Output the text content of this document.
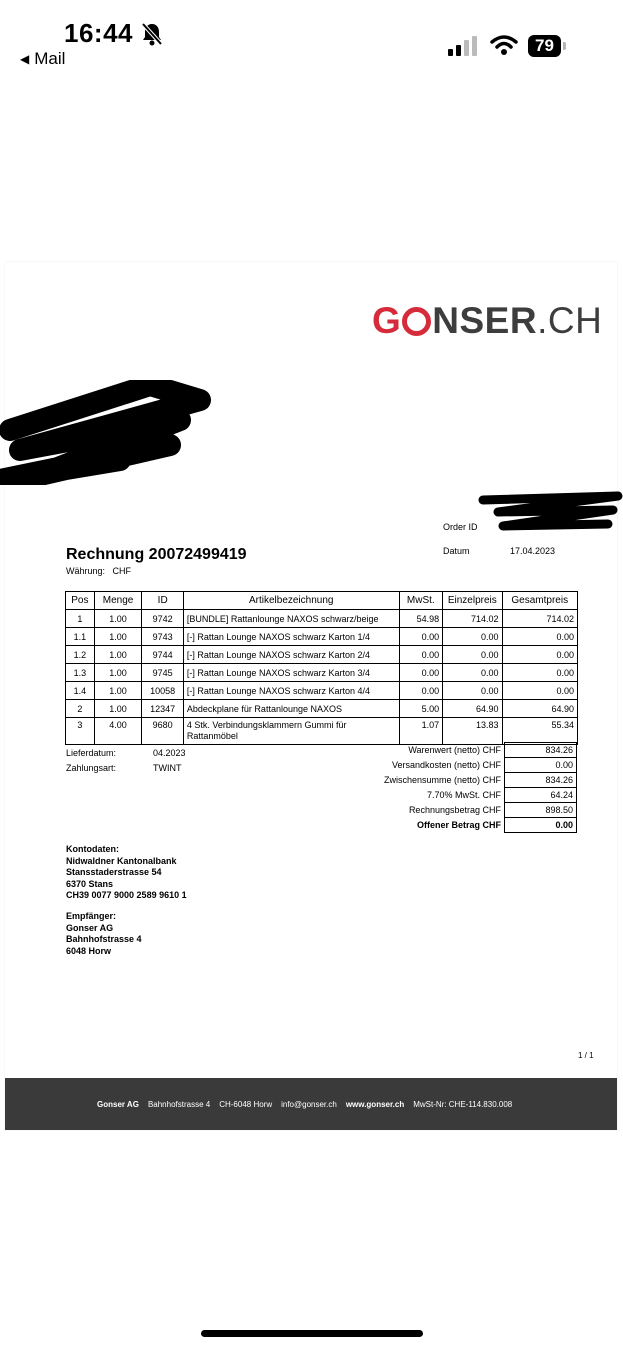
16:44
◀ Mail
79
G NSER.CH
Order ID
Datum	17.04.2023
Rechnung 20072499419
Währung: CHF
Pos	Menge	ID	Artikelbezeichnung	MwSt.	Einzelpreis	Gesamtpreis
1	1.00	9742	[BUNDLE] Rattanlounge NAXOS schwarz/beige	54.98	714.02	714.02
1.1	1.00	9743	[-] Rattan Lounge NAXOS schwarz Karton 1/4	0.00	0.00	0.00
1.2	1.00	9744	[-] Rattan Lounge NAXOS schwarz Karton 2/4	0.00	0.00	0.00
1.3	1.00	9745	[-] Rattan Lounge NAXOS schwarz Karton 3/4	0.00	0.00	0.00
1.4	1.00	10058	[-] Rattan Lounge NAXOS schwarz Karton 4/4	0.00	0.00	0.00
2	1.00	12347	Abdeckplane für Rattanlounge NAXOS	5.00	64.90	64.90
3	4.00	9680	4 Stk. Verbindungsklammern Gummi für Rattanmöbel	1.07	13.83	55.34
Lieferdatum:	04.2023
Zahlungsart:	TWINT
Warenwert (netto) CHF	834.26
Versandkosten (netto) CHF	0.00
Zwischensumme (netto) CHF	834.26
7.70% MwSt. CHF	64.24
Rechnungsbetrag CHF	898.50
Offener Betrag CHF	0.00
Kontodaten:
Nidwaldner Kantonalbank
Stansstaderstrasse 54
6370 Stans
CH39 0077 9000 2589 9610 1
Empfänger:
Gonser AG
Bahnhofstrasse 4
6048 Horw
1 / 1
Gonser AG Bahnhofstrasse 4 CH-6048 Horw info@gonser.ch www.gonser.ch MwSt-Nr: CHE-114.830.008
